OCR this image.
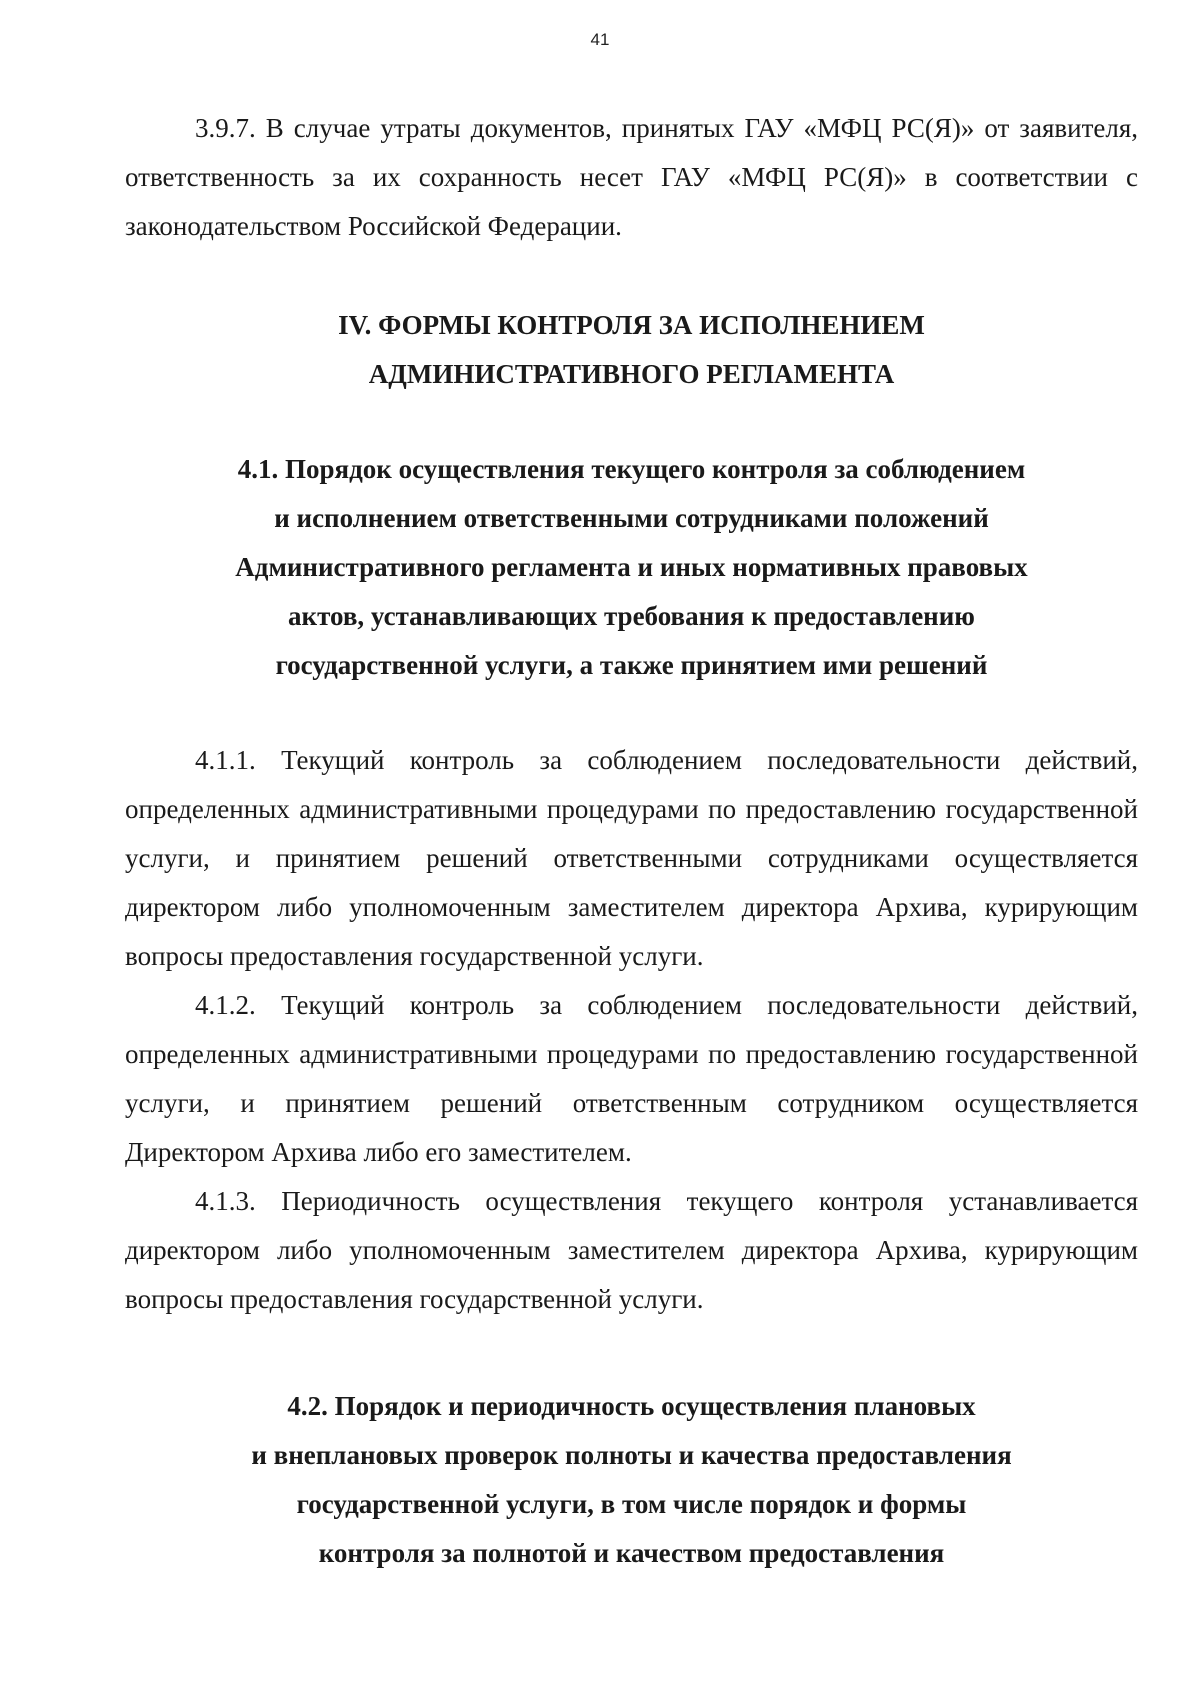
41

3.9.7. В случае утраты документов, принятых ГАУ «МФЦ РС(Я)» от заявителя, ответственность за их сохранность несет ГАУ «МФЦ РС(Я)» в соответствии с законодательством Российской Федерации.

IV. ФОРМЫ КОНТРОЛЯ ЗА ИСПОЛНЕНИЕМ
АДМИНИСТРАТИВНОГО РЕГЛАМЕНТА
4.1. Порядок осуществления текущего контроля за соблюдением
и исполнением ответственными сотрудниками положений
Административного регламента и иных нормативных правовых
актов, устанавливающих требования к предоставлению
государственной услуги, а также принятием ими решений

4.1.1. Текущий контроль за соблюдением последовательности действий, определенных административными процедурами по предоставлению государственной услуги, и принятием решений ответственными сотрудниками осуществляется директором либо уполномоченным заместителем директора Архива, курирующим вопросы предоставления государственной услуги.

4.1.2. Текущий контроль за соблюдением последовательности действий, определенных административными процедурами по предоставлению государственной услуги, и принятием решений ответственным сотрудником осуществляется Директором Архива либо его заместителем.

4.1.3. Периодичность осуществления текущего контроля устанавливается директором либо уполномоченным заместителем директора Архива, курирующим вопросы предоставления государственной услуги.

4.2. Порядок и периодичность осуществления плановых
и внеплановых проверок полноты и качества предоставления
государственной услуги, в том числе порядок и формы
контроля за полнотой и качеством предоставления
